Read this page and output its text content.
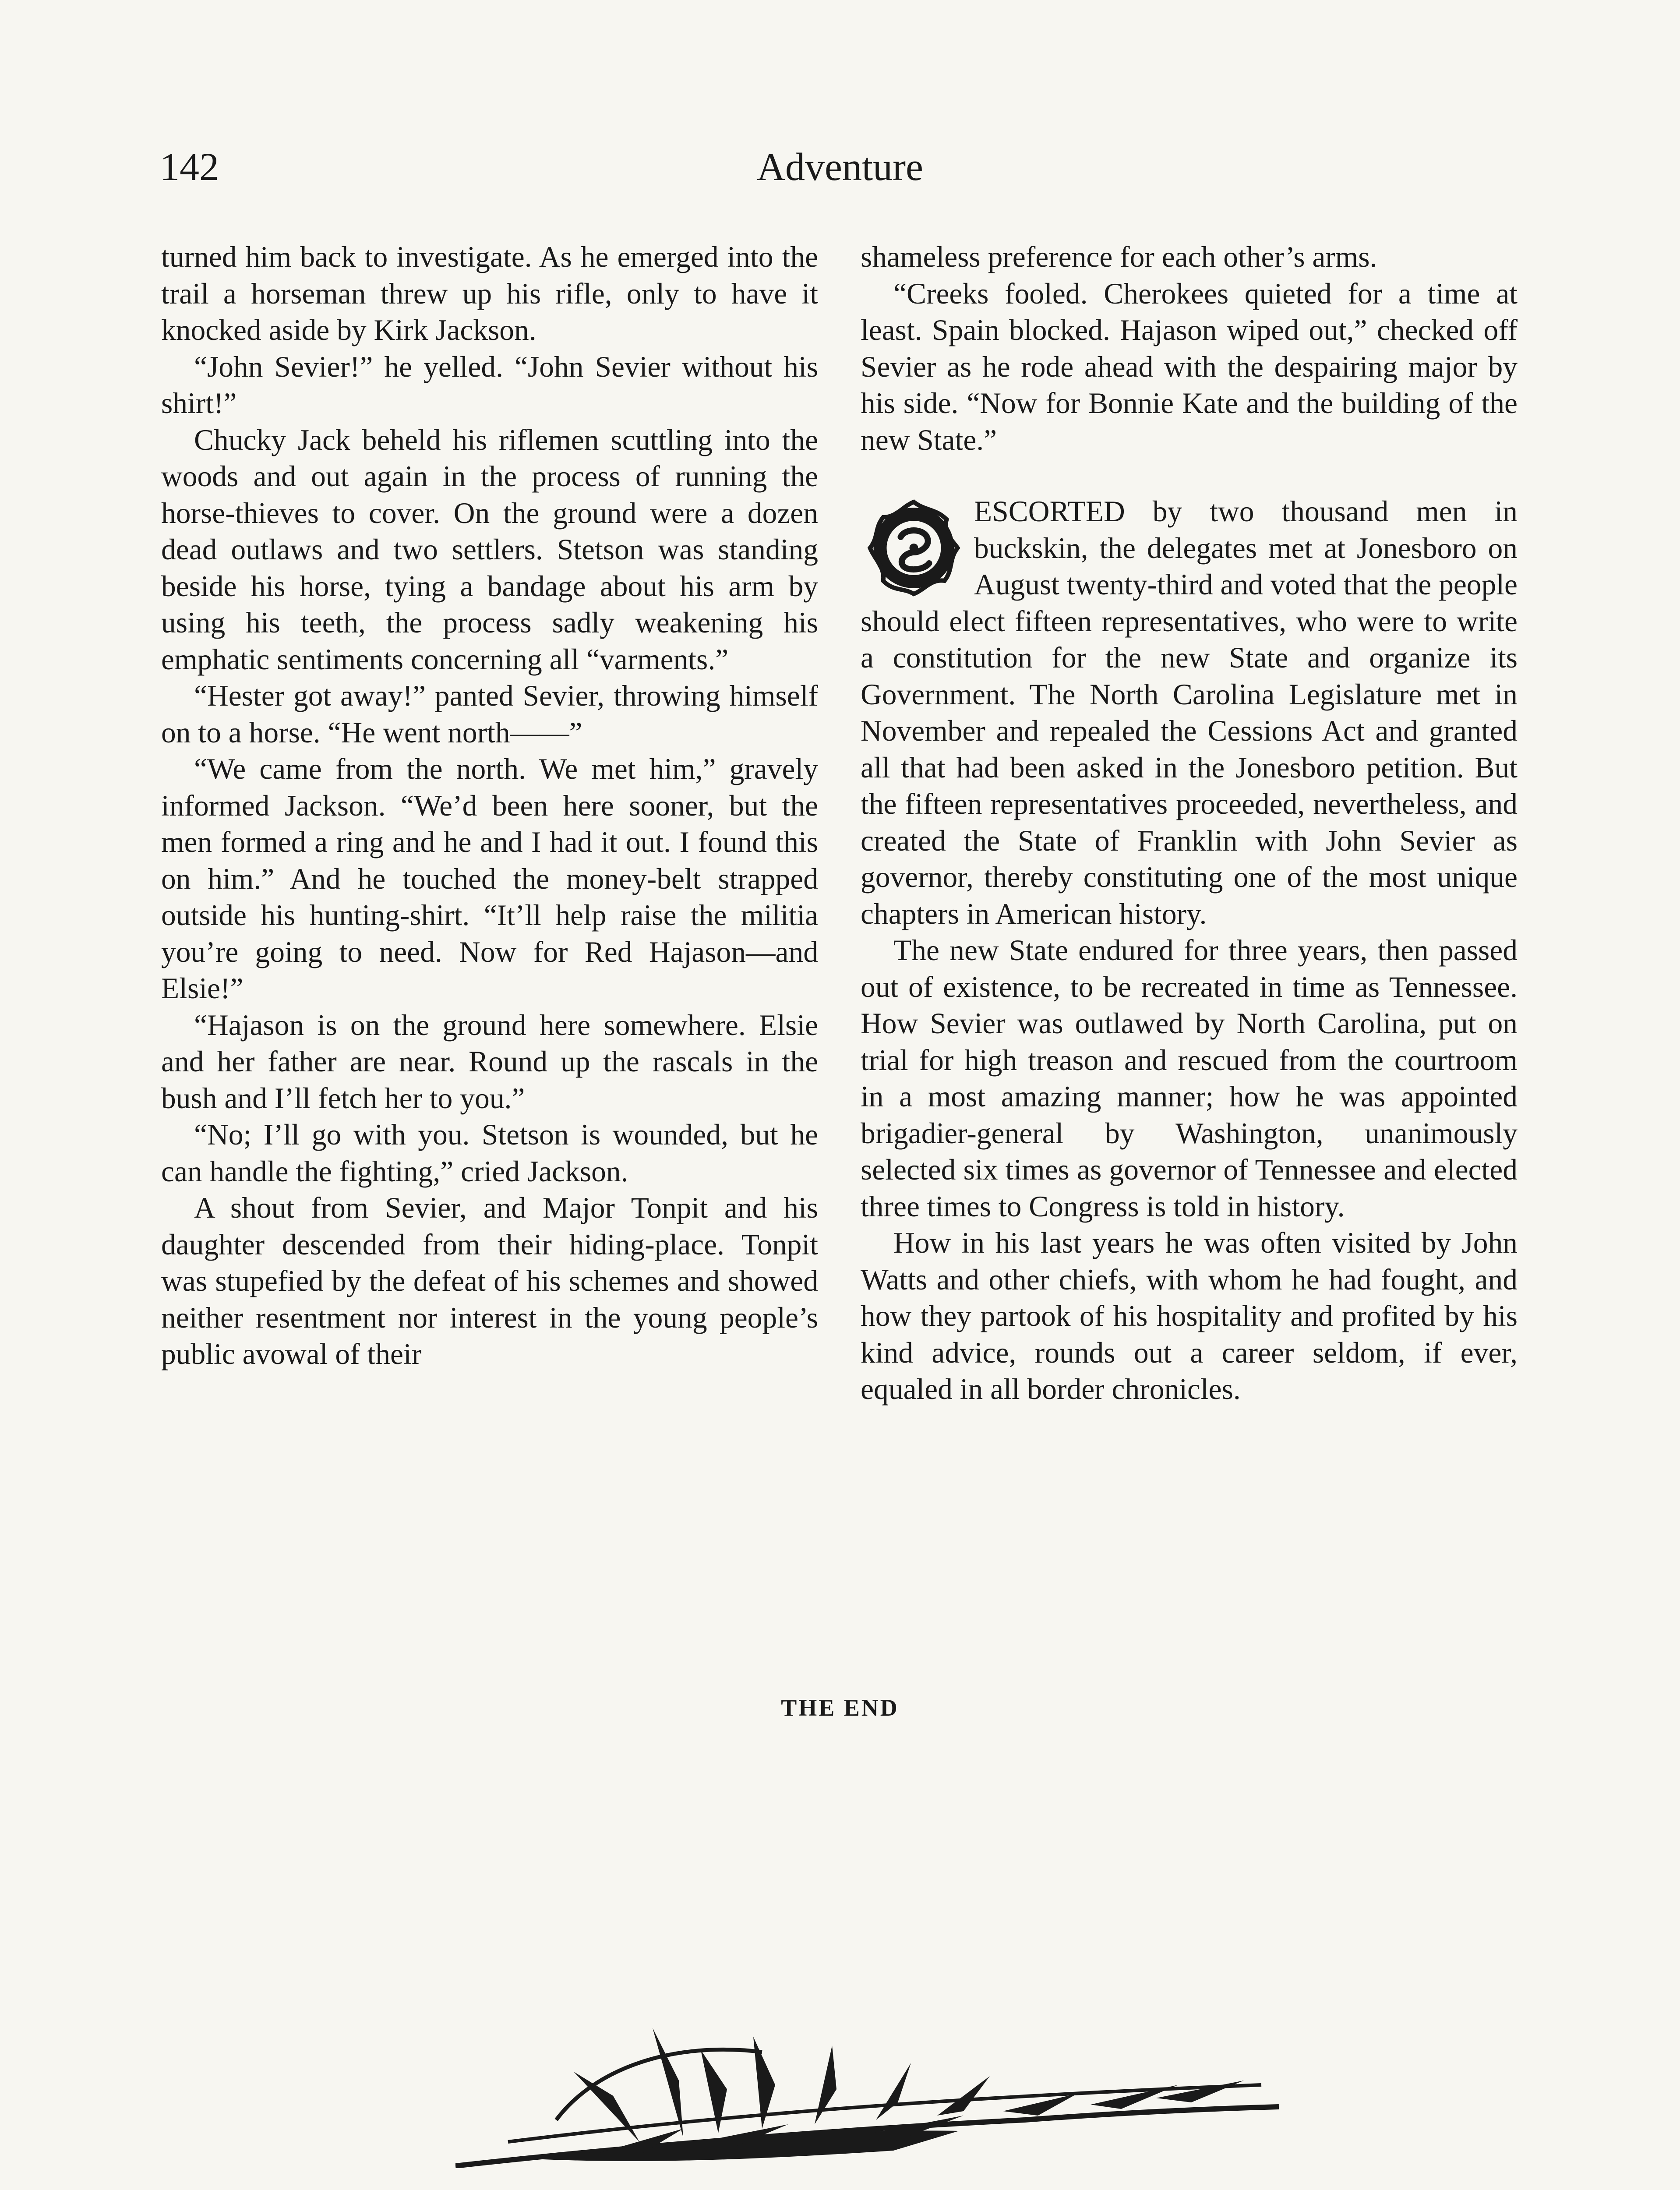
Adventure
142

turned him back to investigate. As he emerged into the trail a horseman threw up his rifle, only to have it knocked aside by Kirk Jackson.

“John Sevier!” he yelled. “John Sevier without his shirt!”

Chucky Jack beheld his riflemen scuttling into the woods and out again in the process of running the horse-thieves to cover. On the ground were a dozen dead outlaws and two settlers. Stetson was standing beside his horse, tying a bandage about his arm by using his teeth, the process sadly weakening his emphatic sentiments concerning all “varments.”

“Hester got away!” panted Sevier, throwing himself on to a horse. “He went north——”

“We came from the north. We met him,” gravely informed Jackson. “We’d been here sooner, but the men formed a ring and he and I had it out. I found this on him.” And he touched the money-belt strapped outside his hunting-shirt. “It’ll help raise the militia you’re going to need. Now for Red Hajason—and Elsie!”

“Hajason is on the ground here somewhere. Elsie and her father are near. Round up the rascals in the bush and I’ll fetch her to you.”

“No; I’ll go with you. Stetson is wounded, but he can handle the fighting,” cried Jackson.

A shout from Sevier, and Major Tonpit and his daughter descended from their hiding-place. Tonpit was stupefied by the defeat of his schemes and showed neither resentment nor interest in the young people’s public avowal of their

shameless preference for each other’s arms.

“Creeks fooled. Cherokees quieted for a time at least. Spain blocked. Hajason wiped out,” checked off Sevier as he rode ahead with the despairing major by his side. “Now for Bonnie Kate and the building of the new State.”

ESCORTED by two thousand men in buckskin, the delegates met at Jonesboro on August twenty-third and voted that the people should elect fifteen representatives, who were to write a constitution for the new State and organize its Government. The North Carolina Legislature met in November and repealed the Cessions Act and granted all that had been asked in the Jonesboro petition. But the fifteen representatives proceeded, nevertheless, and created the State of Franklin with John Sevier as governor, thereby constituting one of the most unique chapters in American history.

The new State endured for three years, then passed out of existence, to be recreated in time as Tennessee. How Sevier was outlawed by North Carolina, put on trial for high treason and rescued from the courtroom in a most amazing manner; how he was appointed brigadier-general by Washington, unanimously selected six times as governor of Tennessee and elected three times to Congress is told in history.

How in his last years he was often visited by John Watts and other chiefs, with whom he had fought, and how they partook of his hospitality and profited by his kind advice, rounds out a career seldom, if ever, equaled in all border chronicles.

THE END
